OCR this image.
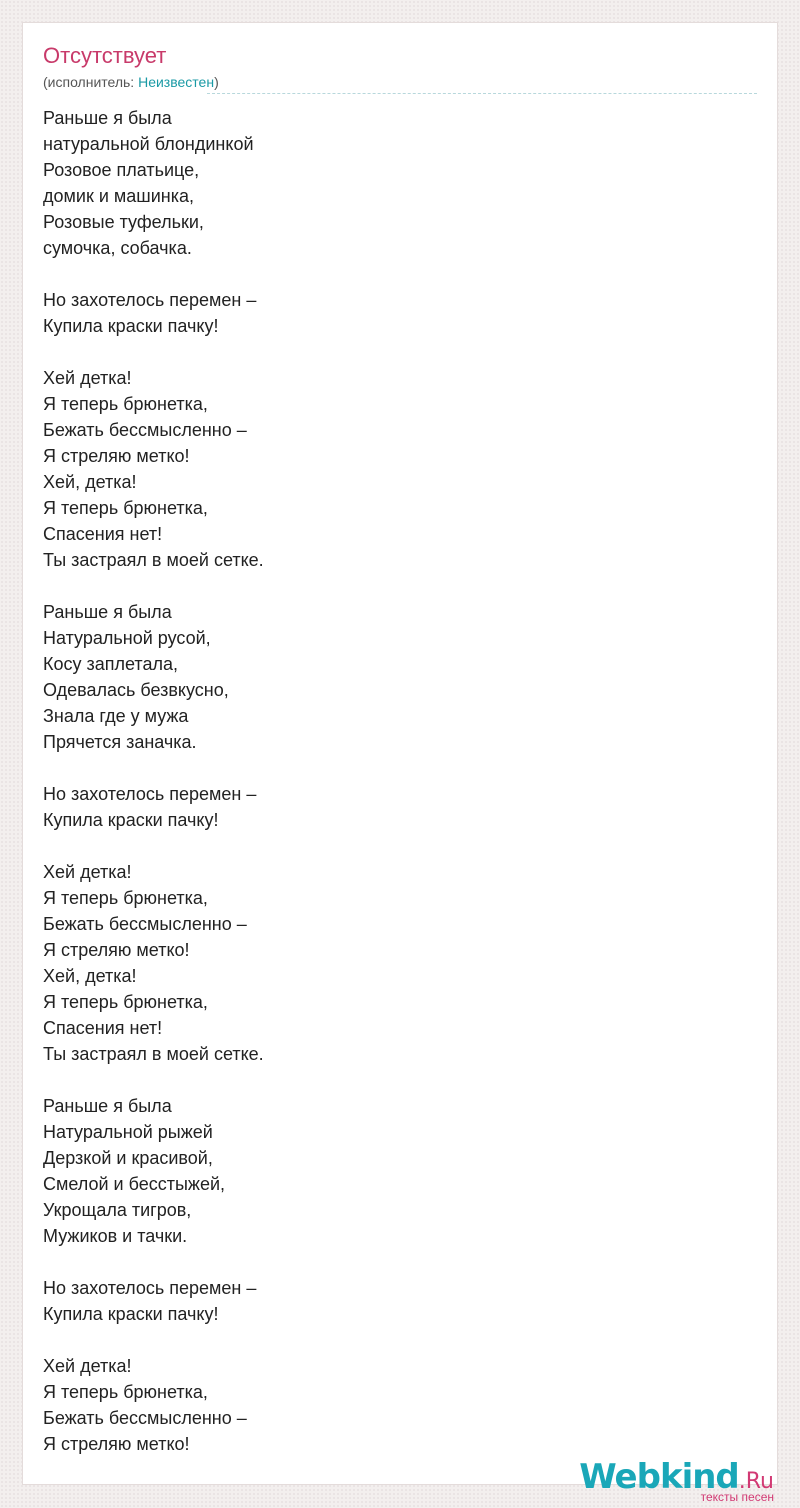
Отсутствует
(исполнитель: Неизвестен)
Раньше я была
натуральной блондинкой
Розовое платьице,
домик и машинка,
Розовые туфельки,
сумочка, собачка.
Но захотелось перемен –
Купила краски пачку!
Хей детка!
Я теперь брюнетка,
Бежать бессмысленно –
Я стреляю метко!
Хей, детка!
Я теперь брюнетка,
Спасения нет!
Ты застраял в моей сетке.
Раньше я была
Натуральной русой,
Косу заплетала,
Одевалась безвкусно,
Знала где у мужа
Прячется заначка.
Но захотелось перемен –
Купила краски пачку!
Хей детка!
Я теперь брюнетка,
Бежать бессмысленно –
Я стреляю метко!
Хей, детка!
Я теперь брюнетка,
Спасения нет!
Ты застраял в моей сетке.
Раньше я была
Натуральной рыжей
Дерзкой и красивой,
Смелой и бесстыжей,
Укрощала тигров,
Мужиков и тачки.
Но захотелось перемен –
Купила краски пачку!
Хей детка!
Я теперь брюнетка,
Бежать бессмысленно –
Я стреляю метко!
Webkind.Ru
тексты песен
